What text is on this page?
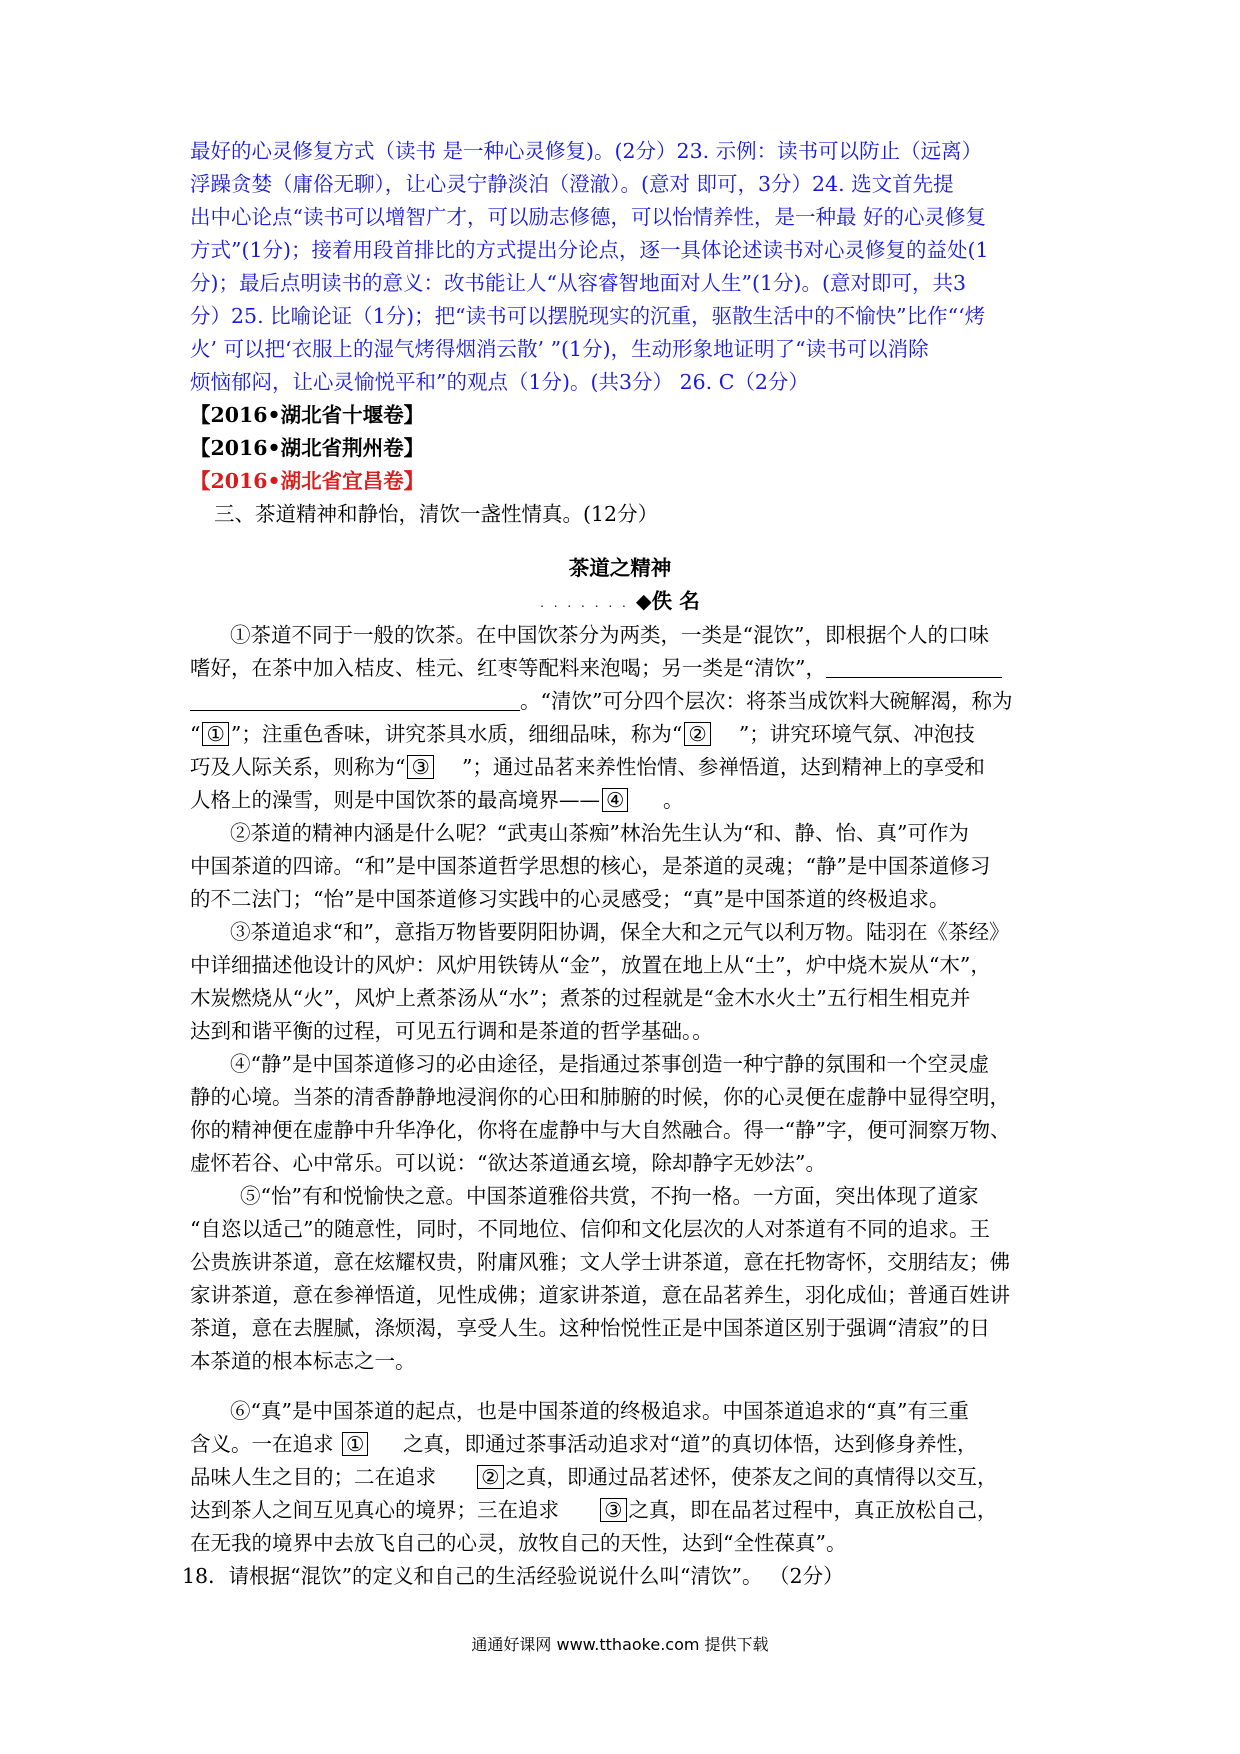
最好的心灵修复方式（读书 是一种心灵修复)。(2分）23. 示例：读书可以防止（远离）
浮躁贪婪（庸俗无聊），让心灵宁静淡泊（澄澈）。(意对 即可，3分）24. 选文首先提
出中心论点“读书可以增智广才，可以励志修德，可以怡情养性，是一种最 好的心灵修复
方式”(1分)；接着用段首排比的方式提出分论点，逐一具体论述读书对心灵修复的益处(1
分)；最后点明读书的意义：改书能让人“从容睿智地面对人生”(1分)。(意对即可，共3
分）25. 比喻论证（1分)；把“读书可以摆脱现实的沉重，驱散生活中的不愉快”比作“‘烤
火’ 可以把‘衣服上的湿气烤得烟消云散’ ”(1分)，生动形象地证明了“读书可以消除
烦恼郁闷，让心灵愉悦平和”的观点（1分)。(共3分） 26. C（2分）
【2016•湖北省十堰卷】
【2016•湖北省荆州卷】
【2016•湖北省宜昌卷】
三、茶道精神和静怡，清饮一盏性情真。(12分）
茶道之精神
. . . . . . . ◆佚 名
①茶道不同于一般的饮茶。在中国饮茶分为两类，一类是“混饮”，即根据个人的口味
嗜好，在茶中加入桔皮、桂元、红枣等配料来泡喝；另一类是“清饮”，
。“清饮”可分四个层次：将茶当成饮料大碗解渴，称为
“ ① ”；注重色香味，讲究茶具水质，细细品味，称为“ ② ”；讲究环境气氛、冲泡技
巧及人际关系，则称为“ ③ ”；通过品茗来养性怡情、参禅悟道，达到精神上的享受和
人格上的澡雪，则是中国饮茶的最高境界—— ④ 。
②茶道的精神内涵是什么呢？“武夷山茶痴”林治先生认为“和、静、怡、真”可作为
中国茶道的四谛。“和”是中国茶道哲学思想的核心，是茶道的灵魂；“静”是中国茶道修习
的不二法门；“怡”是中国茶道修习实践中的心灵感受；“真”是中国茶道的终极追求。
③茶道追求“和”，意指万物皆要阴阳协调，保全大和之元气以利万物。陆羽在《茶经》
中详细描述他设计的风炉：风炉用铁铸从“金”，放置在地上从“土”，炉中烧木炭从“木”，
木炭燃烧从“火”，风炉上煮茶汤从“水”；煮茶的过程就是“金木水火土”五行相生相克并
达到和谐平衡的过程，可见五行调和是茶道的哲学基础。。
④“静”是中国茶道修习的必由途径，是指通过茶事创造一种宁静的氛围和一个空灵虚
静的心境。当茶的清香静静地浸润你的心田和肺腑的时候，你的心灵便在虚静中显得空明，
你的精神便在虚静中升华净化，你将在虚静中与大自然融合。得一“静”字，便可洞察万物、
虚怀若谷、心中常乐。可以说：“欲达茶道通玄境，除却静字无妙法”。
⑤“怡”有和悦愉快之意。中国茶道雅俗共赏，不拘一格。一方面，突出体现了道家
“自恣以适己”的随意性，同时，不同地位、信仰和文化层次的人对茶道有不同的追求。王
公贵族讲茶道，意在炫耀权贵，附庸风雅；文人学士讲茶道，意在托物寄怀，交朋结友；佛
家讲茶道，意在参禅悟道，见性成佛；道家讲茶道，意在品茗养生，羽化成仙；普通百姓讲
茶道，意在去腥腻，涤烦渴，享受人生。这种怡悦性正是中国茶道区别于强调“清寂”的日
本茶道的根本标志之一。
⑥“真”是中国茶道的起点，也是中国茶道的终极追求。中国茶道追求的“真”有三重
含义。一在追求 ① 之真，即通过茶事活动追求对“道”的真切体悟，达到修身养性，
品味人生之目的；二在追求 ② 之真，即通过品茗述怀，使茶友之间的真情得以交互，
达到茶人之间互见真心的境界；三在追求 ③ 之真，即在品茗过程中，真正放松自己，
在无我的境界中去放飞自己的心灵，放牧自己的天性，达到“全性葆真”。
18．请根据“混饮”的定义和自己的生活经验说说什么叫“清饮”。 （2分）
通通好课网 www.tthaoke.com 提供下载
